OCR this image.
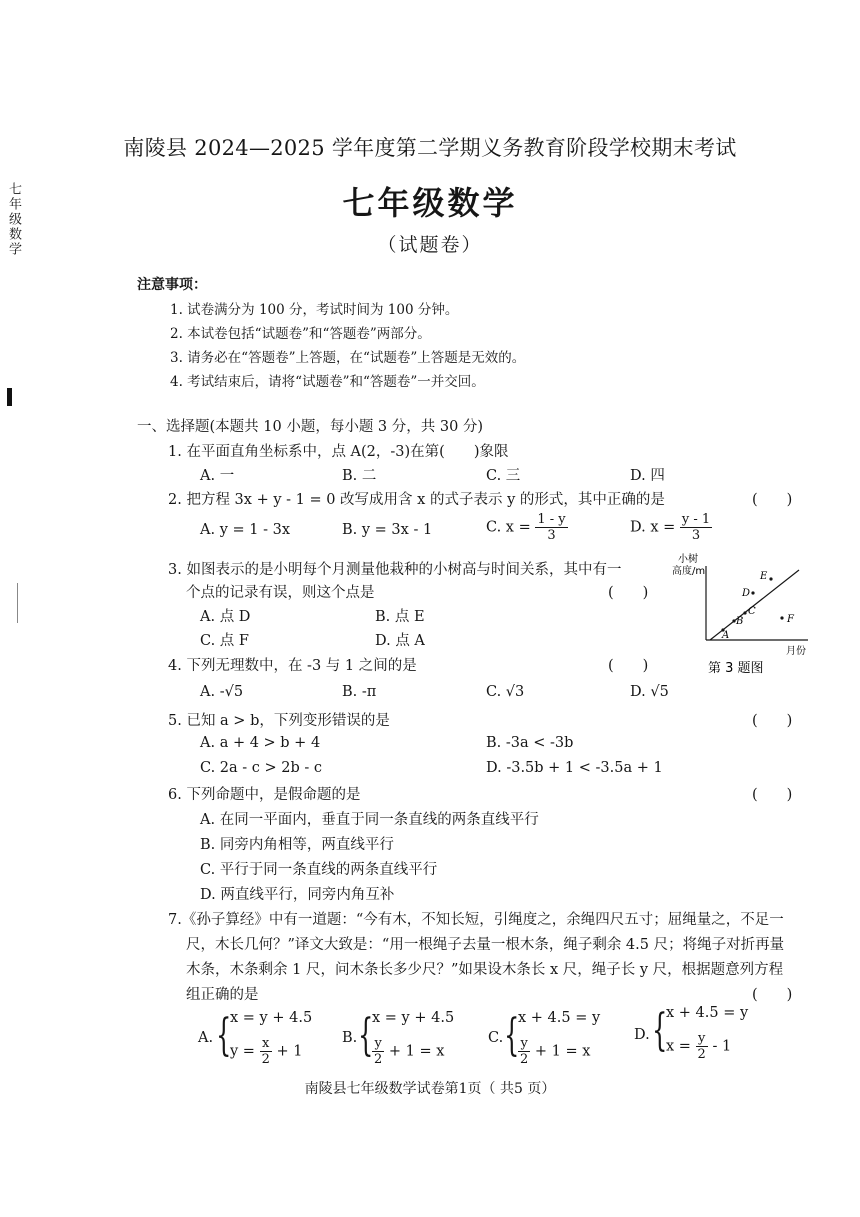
七年级数学
南陵县 2024—2025 学年度第二学期义务教育阶段学校期末考试
七年级数学
（试题卷）
注意事项：
1. 试卷满分为 100 分，考试时间为 100 分钟。
2. 本试卷包括“试题卷”和“答题卷”两部分。
3. 请务必在“答题卷”上答题，在“试题卷”上答题是无效的。
4. 考试结束后，请将“试题卷”和“答题卷”一并交回。
一、选择题(本题共 10 小题，每小题 3 分，共 30 分)
1. 在平面直角坐标系中，点 A(2，-3)在第(　　)象限
A. 一	B. 二	C. 三	D. 四
2. 把方程 3x + y - 1 = 0 改写成用含 x 的式子表示 y 的形式，其中正确的是	(　　)
A. y = 1 - 3x	B. y = 3x - 1	C. $x = \frac{1 - y}{3}$	D. $x = \frac{y - 1}{3}$
3. 如图表示的是小明每个月测量他栽种的小树高与时间关系，其中有一
个点的记录有误，则这个点是	(　　)
A. 点 D	B. 点 E
C. 点 F	D. 点 A
小树
高度/m
A
B
C
D
E
F
月份
第 3 题图
4. 下列无理数中，在 -3 与 1 之间的是	(　　)
A. -√5	B. -π	C. √3	D. √5
5. 已知 a > b，下列变形错误的是	(　　)
A. a + 4 > b + 4	B. -3a < -3b
C. 2a - c > 2b - c	D. -3.5b + 1 < -3.5a + 1
6. 下列命题中，是假命题的是	(　　)
A. 在同一平面内，垂直于同一条直线的两条直线平行
B. 同旁内角相等，两直线平行
C. 平行于同一条直线的两条直线平行
D. 两直线平行，同旁内角互补
7.《孙子算经》中有一道题：“今有木，不知长短，引绳度之，余绳四尺五寸；屈绳量之，不足一
尺，木长几何？”译文大致是：“用一根绳子去量一根木条，绳子剩余 4.5 尺；将绳子对折再量
木条，木条剩余 1 尺，问木条长多少尺？”如果设木条长 x 尺，绳子长 y 尺，根据题意列方程
组正确的是	(　　)
A. {
x = y + 4.5
$y = \frac{x}{2} + 1$
B. {
x = y + 4.5
$\frac{y}{2} + 1 = x$
C. {
x + 4.5 = y
$\frac{y}{2} + 1 = x$
D. {
x + 4.5 = y
$x = \frac{y}{2} - 1$
南陵县七年级数学试卷第1页（ 共5 页）
